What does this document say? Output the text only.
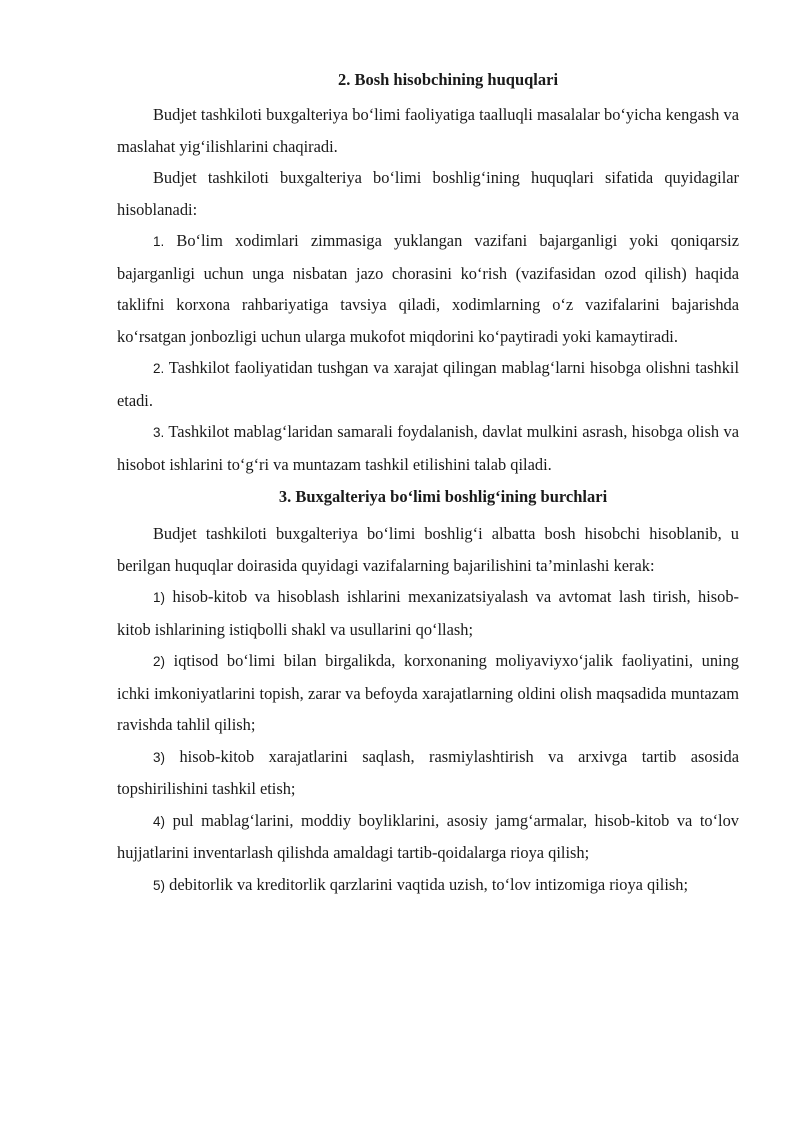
2. Bosh hisobchining huquqlari

Budjet tashkiloti buxgalteriya bo‘limi faoliyatiga taalluqli masalalar bo‘yicha kengash va maslahat yig‘ilishlarini chaqiradi.

Budjet tashkiloti buxgalteriya bo‘limi boshlig‘ining huquqlari sifatida quyidagilar hisoblanadi:

1. Bo‘lim xodimlari zimmasiga yuklangan vazifani bajarganligi yoki qoniqarsiz bajarganligi uchun unga nisbatan jazo chorasini ko‘rish (vazifasidan ozod qilish) haqida taklifni korxona rahbariyatiga tavsiya qiladi, xodimlarning o‘z vazifalarini bajarishda ko‘rsatgan jonbozligi uchun ularga mukofot miqdorini ko‘paytiradi yoki kamaytiradi.

2. Tashkilot faoliyatidan tushgan va xarajat qilingan mablag‘larni hisobga olishni tashkil etadi.

3. Tashkilot mablag‘laridan samarali foydalanish, davlat mulkini asrash, hisobga olish va hisobot ishlarini to‘g‘ri va muntazam tashkil etilishini talab qiladi.

3. Buxgalteriya bo‘limi boshlig‘ining burchlari

Budjet tashkiloti buxgalteriya bo‘limi boshlig‘i albatta bosh hisobchi hisoblanib, u berilgan huquqlar doirasida quyidagi vazifalarning bajarilishini ta’minlashi kerak:

1) hisob-kitob va hisoblash ishlarini mexanizatsiyalash va avtomat lash tirish, hisob-kitob ishlarining istiqbolli shakl va usullarini qo‘llash;

2) iqtisod bo‘limi bilan birgalikda, korxonaning moliyaviyxo‘jalik faoliyatini, uning ichki imkoniyatlarini topish, zarar va befoyda xarajatlarning oldini olish maqsadida muntazam ravishda tahlil qilish;

3) hisob-kitob xarajatlarini saqlash, rasmiylashtirish va arxivga tartib asosida topshirilishini tashkil etish;

4) pul mablag‘larini, moddiy boyliklarini, asosiy jamg‘armalar, hisob-kitob va to‘lov hujjatlarini inventarlash qilishda amaldagi tartib-qoidalarga rioya qilish;

5) debitorlik va kreditorlik qarzlarini vaqtida uzish, to‘lov intizomiga rioya qilish;
